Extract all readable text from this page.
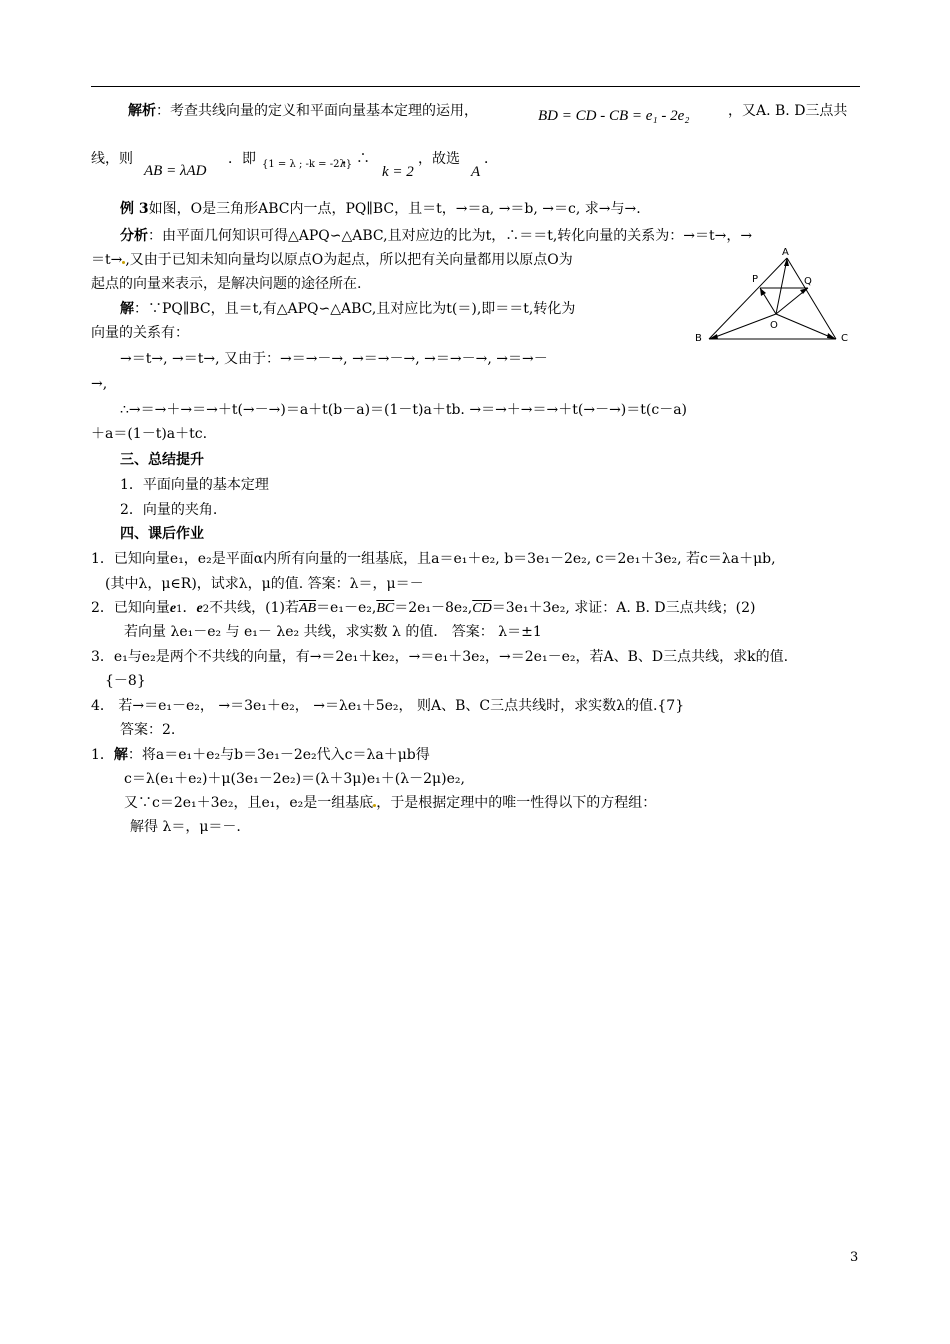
解析：考查共线向量的定义和平面向量基本定理的运用，	BD = CD - CB = e₁ - 2e₂	，又A. B. D三点共
线，则
AB = λAD
．即 {1 = λ ; -k = -2λ}
，∴
k = 2
，故选
A
．
例 3如图，O是三角形ABC内一点，PQ∥BC，且＝t，→＝a, →＝b, →＝c, 求→与→.
分析：由平面几何知识可得△APQ∽△ABC,且对应边的比为t，∴＝＝t,转化向量的关系为：→＝t→，→
＝t→ ,又由于已知未知向量均以原点O为起点，所以把有关向量都用以原点O为
起点的向量来表示，是解决问题的途径所在.
解：∵PQ∥BC，且＝t,有△APQ∽△ABC,且对应比为t(＝),即＝＝t,转化为
向量的关系有：
→＝t→, →＝t→, 又由于：→＝→－→, →＝→－→, →＝→－→, →＝→－
→,
∴→＝→＋→＝→＋t(→－→)＝a＋t(b－a)＝(1－t)a＋tb. →＝→＋→＝→＋t(→－→)＝t(c－a)
＋a＝(1－t)a＋tc.
A
P	Q
B	C
O
三、总结提升
1．平面向量的基本定理
2．向量的夹角.
四、课后作业
1．已知向量e₁，e₂是平面α内所有向量的一组基底，且a＝e₁＋e₂, b＝3e₁－2e₂, c＝2e₁＋3e₂, 若c＝λa＋μb,
(其中λ，μ∈R)，试求λ，μ的值. 答案：λ＝，μ＝－
2．已知向量e1．e2不共线，(1)若$\overline{AB}=e_1-e_2,\overline{BC}=2e_1-8e_2,\overline{CD}=3e_1+3e_2$, 求证：A. B. D三点共线；(2)
若向量 λe₁－e₂ 与 e₁－ λe₂ 共线，求实数 λ 的值． 答案： λ＝±1
3．e₁与e₂是两个不共线的向量，有→＝2e₁＋ke₂，→＝e₁＋3e₂，→＝2e₁－e₂，若A、B、D三点共线，求k的值.
{－8}
4． 若→＝e₁－e₂， →＝3e₁＋e₂， →＝λe₁＋5e₂， 则A、B、C三点共线时，求实数λ的值.{7}
答案：2.
1．解：将a＝e₁＋e₂与b＝3e₁－2e₂代入c＝λa＋μb得
c＝λ(e₁＋e₂)＋μ(3e₁－2e₂)＝(λ＋3μ)e₁＋(λ－2μ)e₂,
又∵c＝2e₁＋3e₂，且e₁，e₂是一组基底 ，于是根据定理中的唯一性得以下的方程组：
解得 λ＝，μ＝－.
3
